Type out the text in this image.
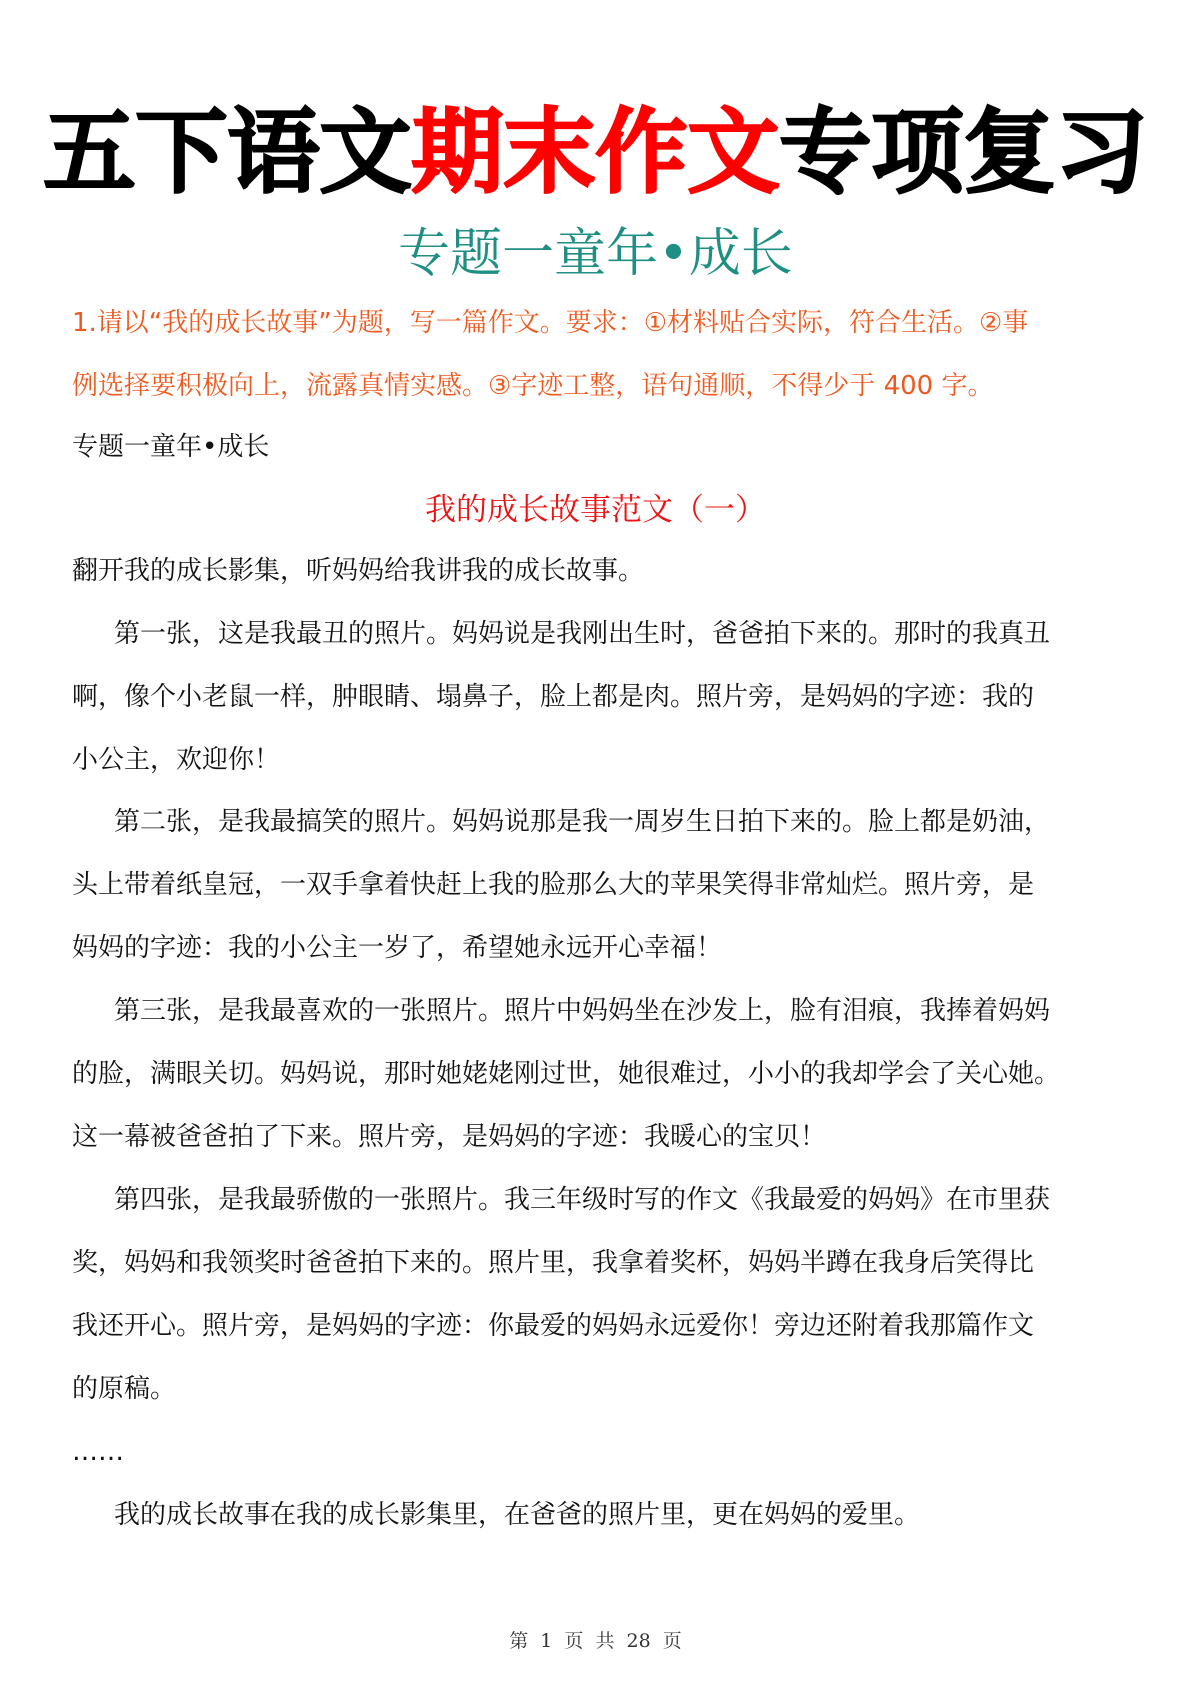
五下语文期末作文专项复习
专题一童年•成长
1.请以“我的成长故事”为题，写一篇作文。要求：①材料贴合实际，符合生活。②事
例选择要积极向上，流露真情实感。③字迹工整，语句通顺，不得少于 400 字。
专题一童年•成长
我的成长故事范文（一）
翻开我的成长影集，听妈妈给我讲我的成长故事。
第一张，这是我最丑的照片。妈妈说是我刚出生时，爸爸拍下来的。那时的我真丑
啊，像个小老鼠一样，肿眼睛、塌鼻子，脸上都是肉。照片旁，是妈妈的字迹：我的
小公主，欢迎你！
第二张，是我最搞笑的照片。妈妈说那是我一周岁生日拍下来的。脸上都是奶油，
头上带着纸皇冠，一双手拿着快赶上我的脸那么大的苹果笑得非常灿烂。照片旁，是
妈妈的字迹：我的小公主一岁了，希望她永远开心幸福！
第三张，是我最喜欢的一张照片。照片中妈妈坐在沙发上，脸有泪痕，我捧着妈妈
的脸，满眼关切。妈妈说，那时她姥姥刚过世，她很难过，小小的我却学会了关心她。
这一幕被爸爸拍了下来。照片旁，是妈妈的字迹：我暖心的宝贝！
第四张，是我最骄傲的一张照片。我三年级时写的作文《我最爱的妈妈》在市里获
奖，妈妈和我领奖时爸爸拍下来的。照片里，我拿着奖杯，妈妈半蹲在我身后笑得比
我还开心。照片旁，是妈妈的字迹：你最爱的妈妈永远爱你！旁边还附着我那篇作文
的原稿。
……
我的成长故事在我的成长影集里，在爸爸的照片里，更在妈妈的爱里。
第 1 页 共 28 页
